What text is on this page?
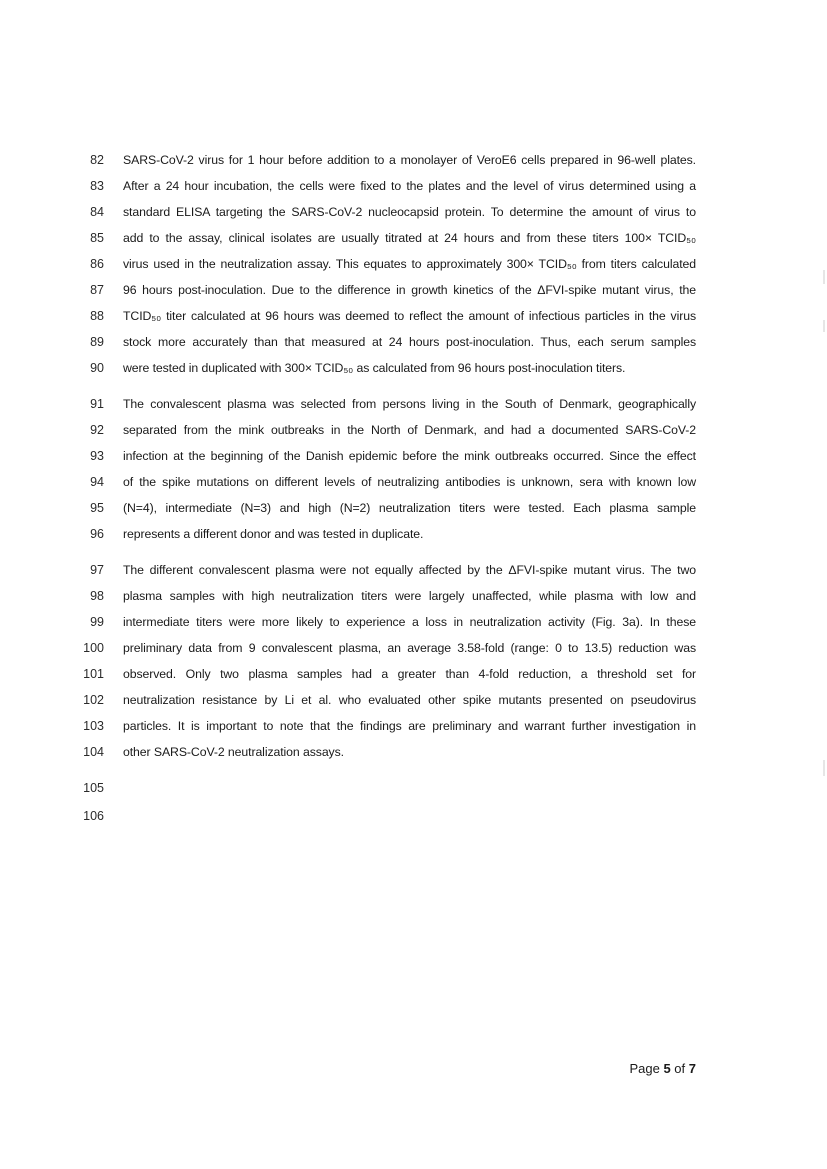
82 SARS-CoV-2 virus for 1 hour before addition to a monolayer of VeroE6 cells prepared in 96-well plates.
83 After a 24 hour incubation, the cells were fixed to the plates and the level of virus determined using a
84 standard ELISA targeting the SARS-CoV-2 nucleocapsid protein. To determine the amount of virus to
85 add to the assay, clinical isolates are usually titrated at 24 hours and from these titers 100× TCID₅₀
86 virus used in the neutralization assay. This equates to approximately 300× TCID₅₀ from titers calculated
87 96 hours post-inoculation. Due to the difference in growth kinetics of the ΔFVI-spike mutant virus, the
88 TCID₅₀ titer calculated at 96 hours was deemed to reflect the amount of infectious particles in the virus
89 stock more accurately than that measured at 24 hours post-inoculation. Thus, each serum samples
90 were tested in duplicated with 300× TCID₅₀ as calculated from 96 hours post-inoculation titers.
91 The convalescent plasma was selected from persons living in the South of Denmark, geographically
92 separated from the mink outbreaks in the North of Denmark, and had a documented SARS-CoV-2
93 infection at the beginning of the Danish epidemic before the mink outbreaks occurred. Since the effect
94 of the spike mutations on different levels of neutralizing antibodies is unknown, sera with known low
95 (N=4), intermediate (N=3) and high (N=2) neutralization titers were tested. Each plasma sample
96 represents a different donor and was tested in duplicate.
97 The different convalescent plasma were not equally affected by the ΔFVI-spike mutant virus. The two
98 plasma samples with high neutralization titers were largely unaffected, while plasma with low and
99 intermediate titers were more likely to experience a loss in neutralization activity (Fig. 3a). In these
100 preliminary data from 9 convalescent plasma, an average 3.58-fold (range: 0 to 13.5) reduction was
101 observed. Only two plasma samples had a greater than 4-fold reduction, a threshold set for
102 neutralization resistance by Li et al. who evaluated other spike mutants presented on pseudovirus
103 particles. It is important to note that the findings are preliminary and warrant further investigation in
104 other SARS-CoV-2 neutralization assays.
105
106
Page 5 of 7
